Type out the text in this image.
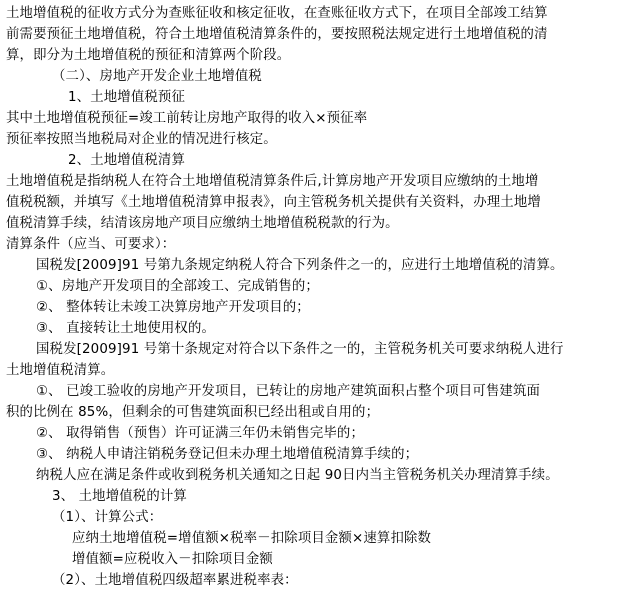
土地增值税的征收方式分为查账征收和核定征收，在查账征收方式下，在项目全部竣工结算
前需要预征土地增值税，符合土地增值税清算条件的，要按照税法规定进行土地增值税的清
算，即分为土地增值税的预征和清算两个阶段。
（二）、房地产开发企业土地增值税
1、土地增值税预征
其中土地增值税预征=竣工前转让房地产取得的收入×预征率
预征率按照当地税局对企业的情况进行核定。
2、土地增值税清算
土地增值税是指纳税人在符合土地增值税清算条件后,计算房地产开发项目应缴纳的土地增
值税税额，并填写《土地增值税清算申报表》，向主管税务机关提供有关资料，办理土地增
值税清算手续，结清该房地产项目应缴纳土地增值税税款的行为。
清算条件（应当、可要求）：
国税发[2009]91 号第九条规定纳税人符合下列条件之一的，应进行土地增值税的清算。
①、房地产开发项目的全部竣工、完成销售的；
②、 整体转让未竣工决算房地产开发项目的；
③、 直接转让土地使用权的。
国税发[2009]91 号第十条规定对符合以下条件之一的，主管税务机关可要求纳税人进行
土地增值税清算。
①、 已竣工验收的房地产开发项目，已转让的房地产建筑面积占整个项目可售建筑面
积的比例在 85%，但剩余的可售建筑面积已经出租或自用的；
②、 取得销售（预售）许可证满三年仍未销售完毕的；
③、 纳税人申请注销税务登记但未办理土地增值税清算手续的；
纳税人应在满足条件或收到税务机关通知之日起 90日内当主管税务机关办理清算手续。
3、 土地增值税的计算
（1）、计算公式：
应纳土地增值税=增值额×税率－扣除项目金额×速算扣除数
增值额=应税收入－扣除项目金额
（2）、土地增值税四级超率累进税率表：
